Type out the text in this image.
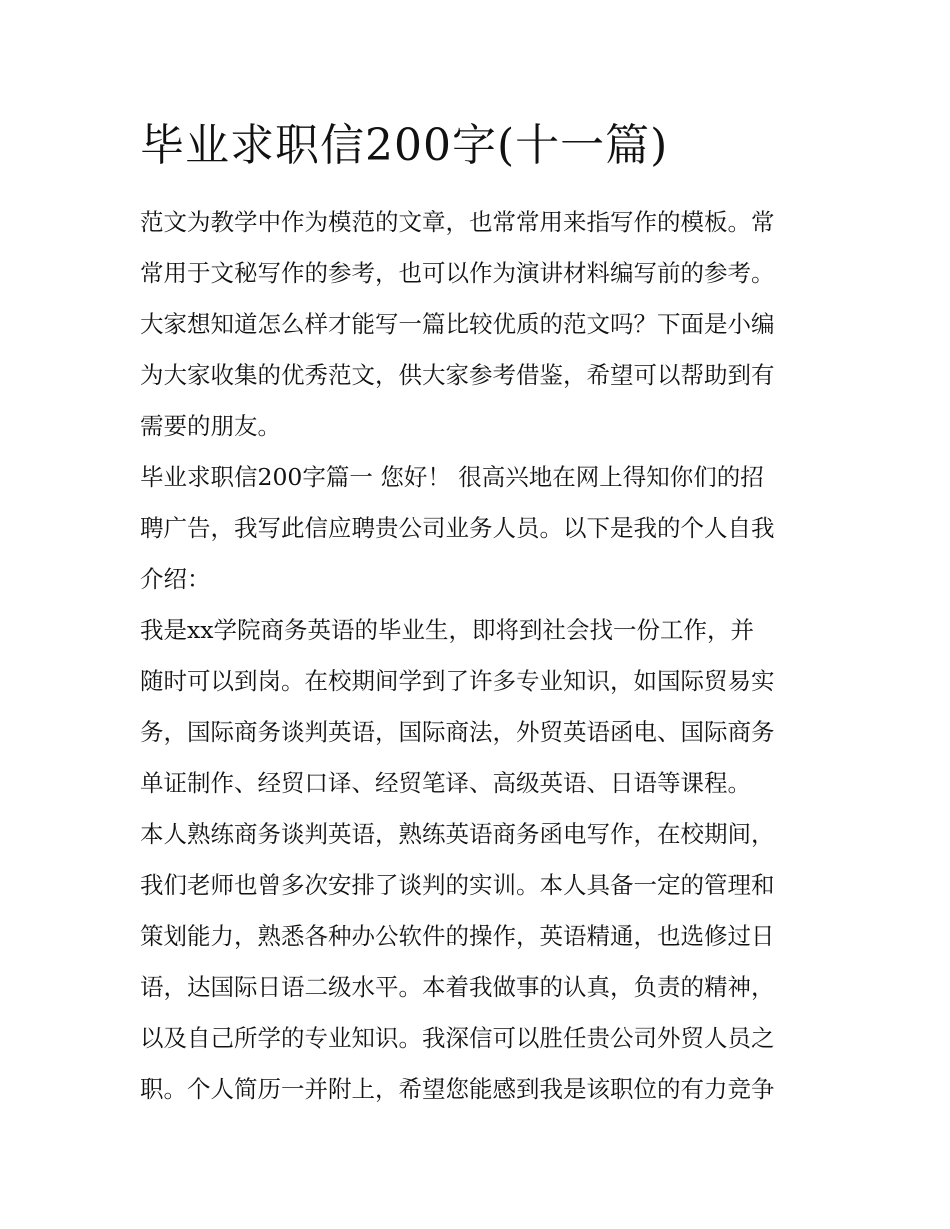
毕业求职信200字(十一篇)
范文为教学中作为模范的文章，也常常用来指写作的模板。常
常用于文秘写作的参考，也可以作为演讲材料编写前的参考。
大家想知道怎么样才能写一篇比较优质的范文吗？下面是小编
为大家收集的优秀范文，供大家参考借鉴，希望可以帮助到有
需要的朋友。
毕业求职信200字篇一 您好！ 很高兴地在网上得知你们的招
聘广告，我写此信应聘贵公司业务人员。以下是我的个人自我
介绍：
我是xx学院商务英语的毕业生，即将到社会找一份工作，并
随时可以到岗。在校期间学到了许多专业知识，如国际贸易实
务，国际商务谈判英语，国际商法，外贸英语函电、国际商务
单证制作、经贸口译、经贸笔译、高级英语、日语等课程。
本人熟练商务谈判英语，熟练英语商务函电写作，在校期间，
我们老师也曾多次安排了谈判的实训。本人具备一定的管理和
策划能力，熟悉各种办公软件的操作，英语精通，也选修过日
语，达国际日语二级水平。本着我做事的认真，负责的精神，
以及自己所学的专业知识。我深信可以胜任贵公司外贸人员之
职。个人简历一并附上，希望您能感到我是该职位的有力竞争
